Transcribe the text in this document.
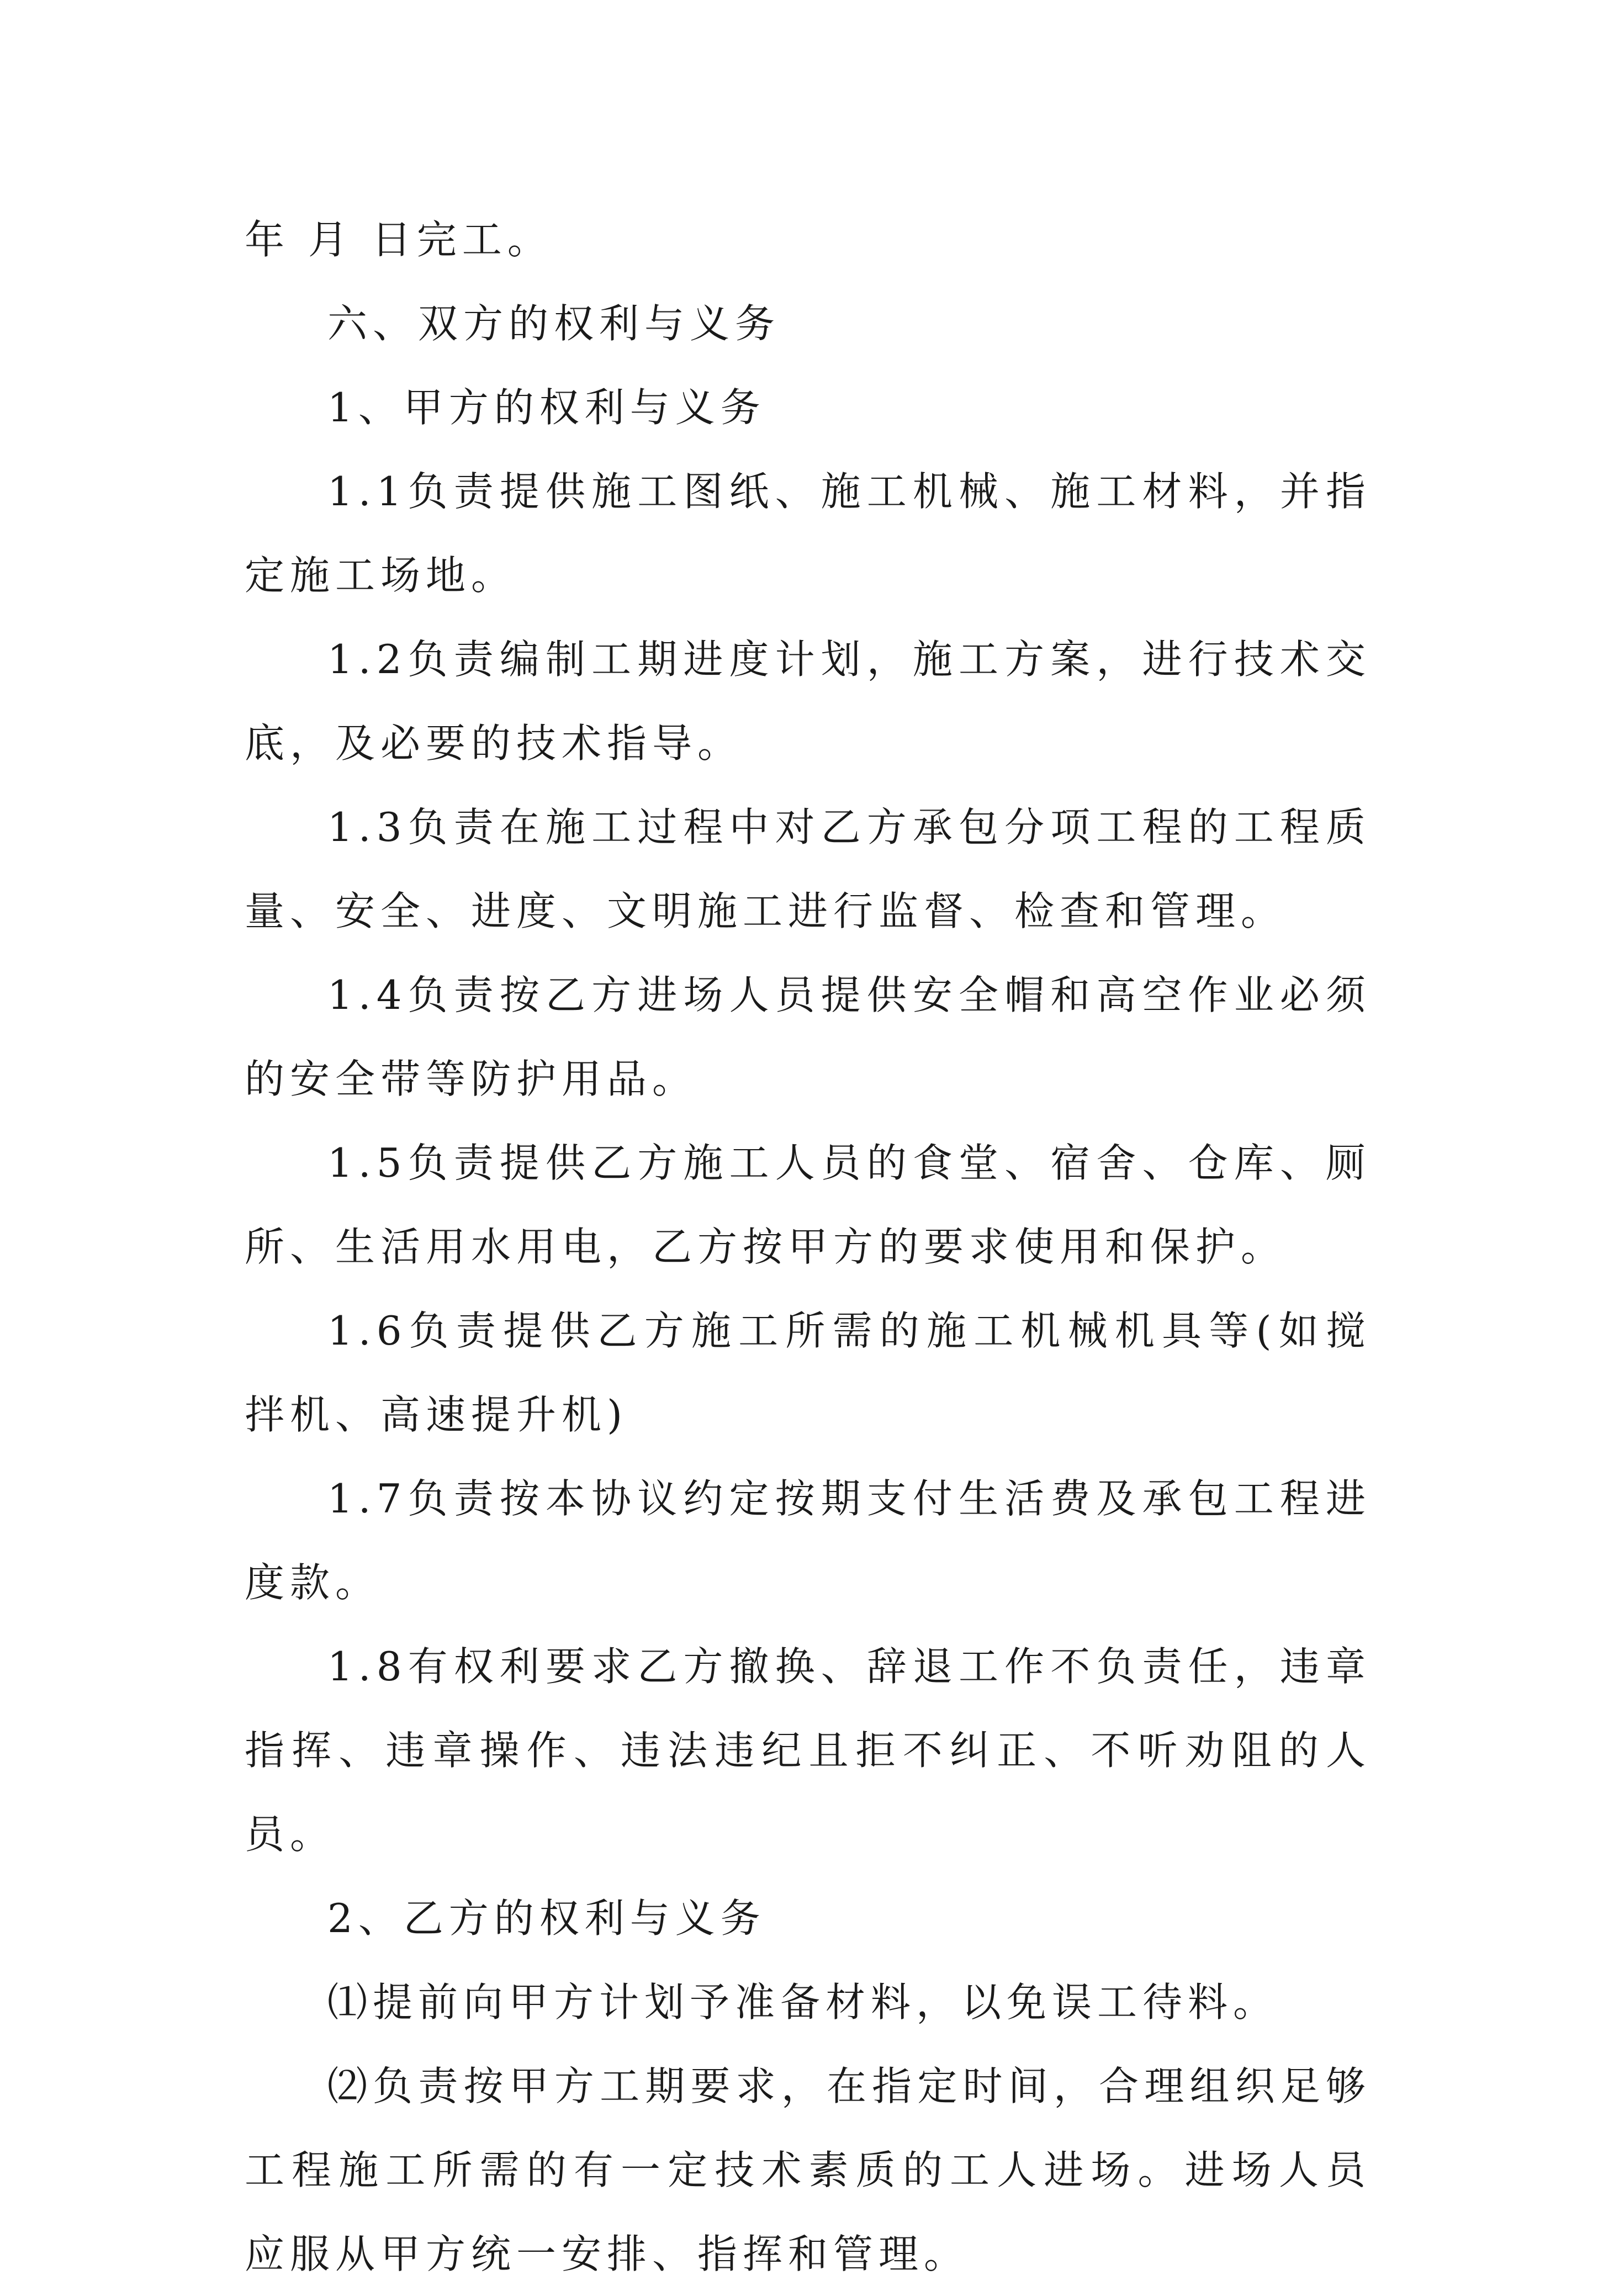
年 月 日完工。

六、双方的权利与义务

1、甲方的权利与义务

1.1负责提供施工图纸、施工机械、施工材料，并指定施工场地。

1.2负责编制工期进度计划，施工方案，进行技术交底，及必要的技术指导。

1.3负责在施工过程中对乙方承包分项工程的工程质量、安全、进度、文明施工进行监督、检查和管理。

1.4负责按乙方进场人员提供安全帽和高空作业必须的安全带等防护用品。

1.5负责提供乙方施工人员的食堂、宿舍、仓库、厕所、生活用水用电，乙方按甲方的要求使用和保护。

1.6负责提供乙方施工所需的施工机械机具等(如搅拌机、高速提升机)

1.7负责按本协议约定按期支付生活费及承包工程进度款。

1.8有权利要求乙方撤换、辞退工作不负责任，违章指挥、违章操作、违法违纪且拒不纠正、不听劝阻的人员。

2、乙方的权利与义务

⑴提前向甲方计划予准备材料，以免误工待料。

⑵负责按甲方工期要求，在指定时间，合理组织足够工程施工所需的有一定技术素质的工人进场。进场人员应服从甲方统一安排、指挥和管理。
